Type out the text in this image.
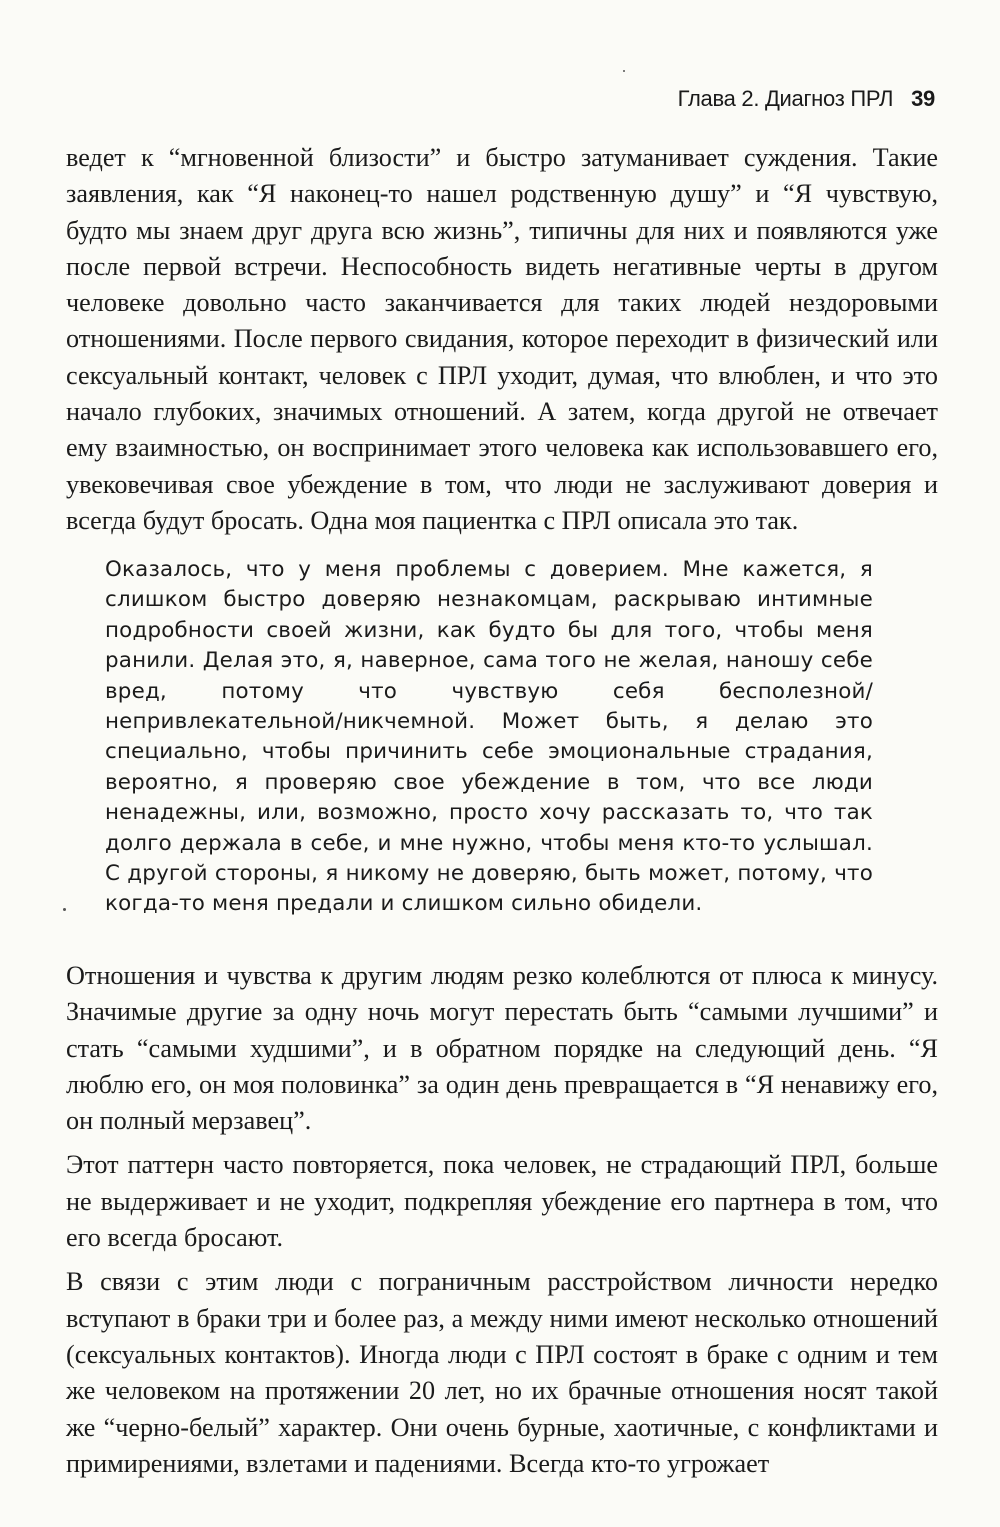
Глава 2. Диагноз ПРЛ 39
ведет к “мгновенной близости” и быстро затуманивает суждения. Такие заявления, как “Я наконец-то нашел родственную душу” и “Я чувствую, будто мы знаем друг друга всю жизнь”, типичны для них и появляются уже после первой встречи. Неспособность видеть негативные черты в другом человеке довольно часто заканчивается для таких людей нездоровыми отношениями. После первого свидания, которое переходит в физический или сексуальный контакт, человек с ПРЛ уходит, думая, что влюблен, и что это начало глубоких, значимых отношений. А затем, когда другой не отвечает ему взаимностью, он воспринимает этого человека как использовавшего его, увековечивая свое убеждение в том, что люди не заслуживают доверия и всегда будут бросать. Одна моя пациентка с ПРЛ описала это так.
Оказалось, что у меня проблемы с доверием. Мне кажется, я слишком быстро доверяю незнакомцам, раскрываю интимные подробности своей жизни, как будто бы для того, чтобы меня ранили. Делая это, я, наверное, сама того не желая, наношу себе вред, потому что чувствую себя бесполезной/непривлекательной/никчемной. Может быть, я делаю это специально, чтобы причинить себе эмоциональные страдания, вероятно, я проверяю свое убеждение в том, что все люди ненадежны, или, возможно, просто хочу рассказать то, что так долго держала в себе, и мне нужно, чтобы меня кто-то услышал. С другой стороны, я никому не доверяю, быть может, потому, что когда-то меня предали и слишком сильно обидели.

Отношения и чувства к другим людям резко колеблются от плюса к минусу. Значимые другие за одну ночь могут перестать быть “самыми лучшими” и стать “самыми худшими”, и в обратном порядке на следующий день. “Я люблю его, он моя половинка” за один день превращается в “Я ненавижу его, он полный мерзавец”.

Этот паттерн часто повторяется, пока человек, не страдающий ПРЛ, больше не выдерживает и не уходит, подкрепляя убеждение его партнера в том, что его всегда бросают.

В связи с этим люди с пограничным расстройством личности нередко вступают в браки три и более раз, а между ними имеют несколько отношений (сексуальных контактов). Иногда люди с ПРЛ состоят в браке с одним и тем же человеком на протяжении 20 лет, но их брачные отношения носят такой же “черно-белый” характер. Они очень бурные, хаотичные, с конфликтами и примирениями, взлетами и падениями. Всегда кто-то угрожает
